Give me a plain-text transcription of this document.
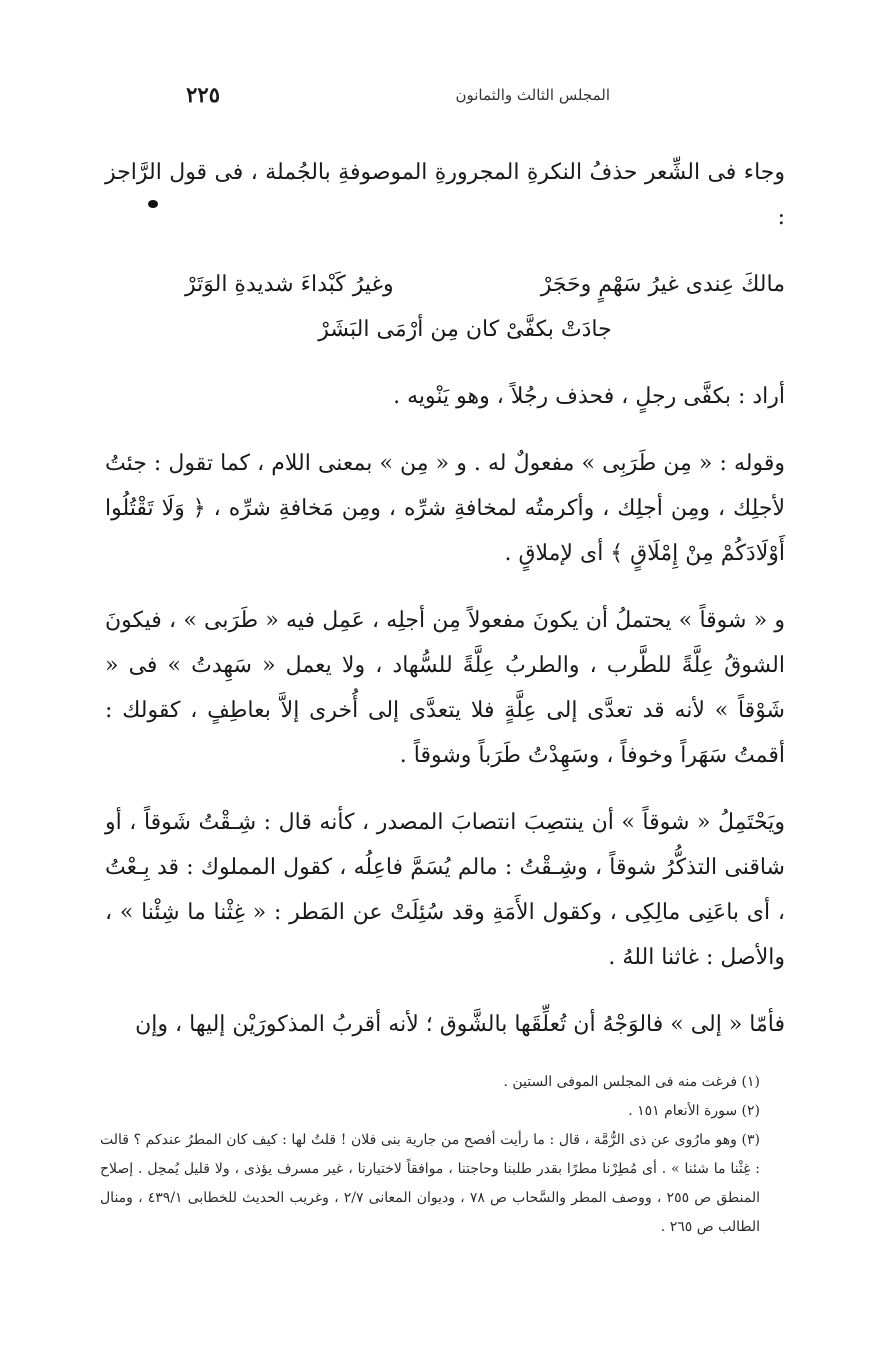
المجلس الثالث والثمانون
٢٢٥

وجاء فى الشِّعر حذفُ النكرةِ المجرورةِ الموصوفةِ بالجُملة ، فى قول الرَّاجز :

مالكَ عِندى غيرُ سَهْمٍ وحَجَرْ
وغيرُ كَبْداءَ شديدةِ الوَتَرْ
جادَتْ بكفَّىْ كان مِن أرْمَى البَشَرْ

أراد : بكفَّى رجلٍ ، فحذف رجُلاً ، وهو يَنْويه .

وقوله : « مِن طَرَبِى » مفعولٌ له . و « مِن » بمعنى اللام ، كما تقول : جئتُ لأجلِك ، ومِن أجلِك ، وأكرمتُه لمخافةِ شرِّه ، ومِن مَخافةِ شرِّه ، ﴿ وَلَا تَقْتُلُوا أَوْلَادَكُمْ مِنْ إِمْلَاقٍ ﴾ أى لإملاقٍ .

و « شوقاً » يحتملُ أن يكونَ مفعولاً مِن أجلِه ، عَمِل فيه « طَرَبى » ، فيكونَ الشوقُ عِلَّةً للطَّرب ، والطربُ عِلَّةً للسُّهاد ، ولا يعمل « سَهِدتُ » فى « شَوْقاً » لأنه قد تعدَّى إلى عِلَّةٍ فلا يتعدَّى إلى أُخرى إلاَّ بعاطِفٍ ، كقولك : أقمتُ سَهَراً وخوفاً ، وسَهِدْتُ طَرَباً وشوقاً .

ويَحْتَمِلُ « شوقاً » أن ينتصِبَ انتصابَ المصدر ، كأنه قال : شِـقْتُ شَوقاً ، أو شاقنى التذكُّرُ شوقاً ، وشِـقْتُ : مالم يُسَمَّ فاعِلُه ، كقول المملوك : قد بِـعْتُ ، أى باعَنِى مالِكِى ، وكقول الأَمَةِ وقد سُئِلَتْ عن المَطر : « غِثْنا ما شِئْنا » ، والأصل : غاثنا اللهُ .

فأمّا « إلى » فالوَجْهُ أن تُعلِّقَها بالشَّوق ؛ لأنه أقربُ المذكورَيْن إليها ، وإن

(١) فرغت منه فى المجلس الموفى الستين .

(٢) سورة الأنعام ١٥١ .

(٣) وهو مارُوى عن ذى الرُّمَّة ، قال : ما رأيت أفصح من جارية بنى فلان ! قلتُ لها : كيف كان المطرُ عندكم ؟ قالت : غِثْنا ما شئنا » . أى مُطِرْنا مطرًا بقدر طلبنا وحاجتنا ، موافقاً لاختيارنا ، غير مسرف يؤذى ، ولا قليل يُمحِل . إصلاح المنطق ص ٢٥٥ ، ووصف المطر والسَّحاب ص ٧٨ ، وديوان المعانى ٢/٧ ، وغريب الحديث للخطابى ٤٣٩/١ ، ومنال الطالب ص ٢٦٥ .
